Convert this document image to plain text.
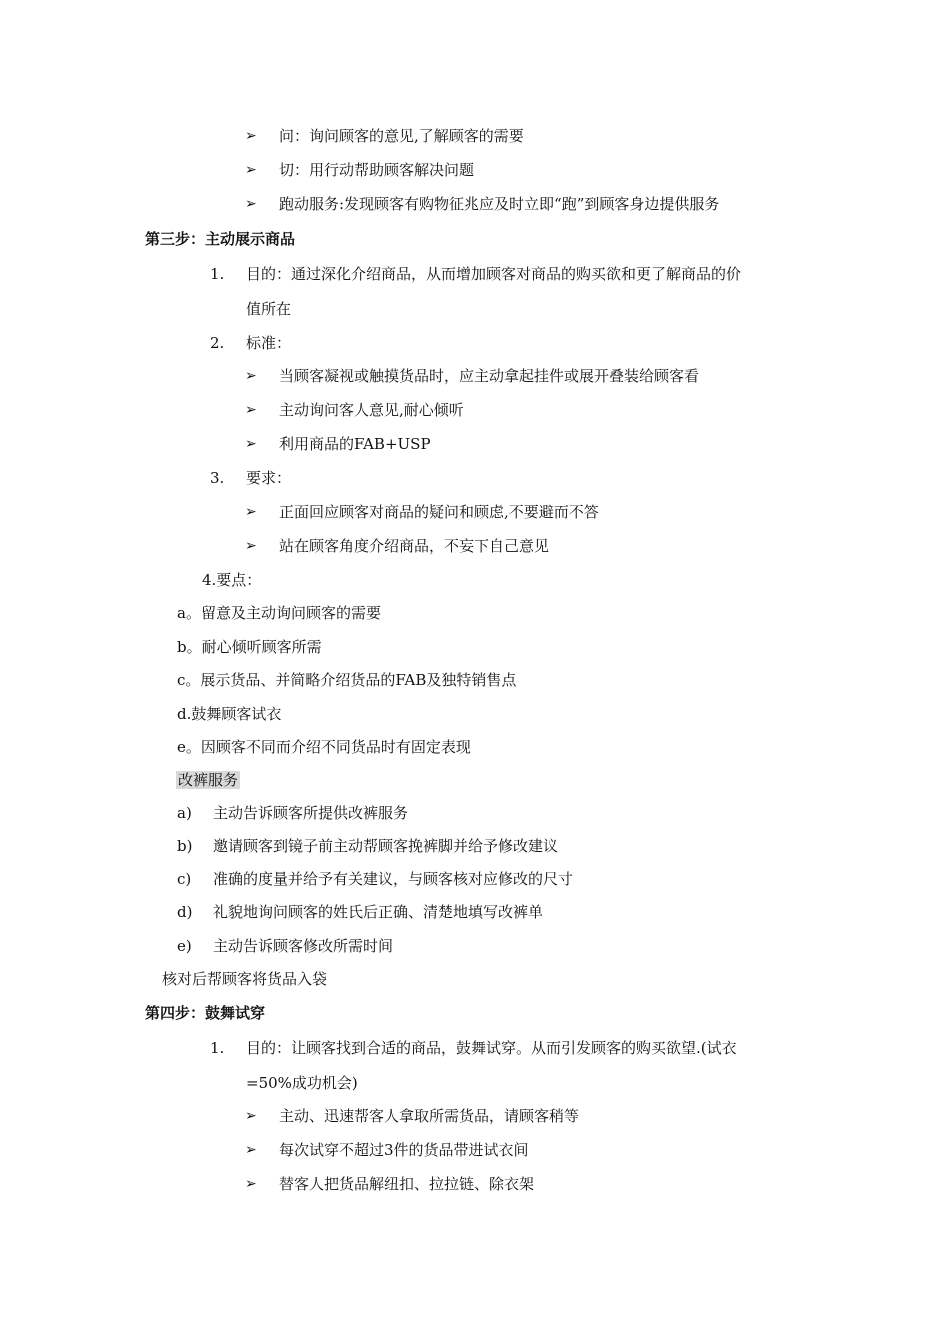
➢ 问：询问顾客的意见,了解顾客的需要
➢ 切：用行动帮助顾客解决问题
➢ 跑动服务:发现顾客有购物征兆应及时立即“跑”到顾客身边提供服务
第三步：主动展示商品
1. 目的：通过深化介绍商品，从而增加顾客对商品的购买欲和更了解商品的价
值所在
2. 标准：
➢ 当顾客凝视或触摸货品时，应主动拿起挂件或展开叠装给顾客看
➢ 主动询问客人意见,耐心倾听
➢ 利用商品的FAB+USP
3. 要求：
➢ 正面回应顾客对商品的疑问和顾虑,不要避而不答
➢ 站在顾客角度介绍商品，不妄下自己意见
4.要点：
a。留意及主动询问顾客的需要
b。耐心倾听顾客所需
c。展示货品、并简略介绍货品的FAB及独特销售点
d.鼓舞顾客试衣
e。因顾客不同而介绍不同货品时有固定表现
改裤服务
a) 主动告诉顾客所提供改裤服务
b) 邀请顾客到镜子前主动帮顾客挽裤脚并给予修改建议
c) 准确的度量并给予有关建议，与顾客核对应修改的尺寸
d) 礼貌地询问顾客的姓氏后正确、清楚地填写改裤单
e) 主动告诉顾客修改所需时间
核对后帮顾客将货品入袋
第四步：鼓舞试穿
1. 目的：让顾客找到合适的商品，鼓舞试穿。从而引发顾客的购买欲望.(试衣
=50%成功机会)
➢ 主动、迅速帮客人拿取所需货品，请顾客稍等
➢ 每次试穿不超过3件的货品带进试衣间
➢ 替客人把货品解纽扣、拉拉链、除衣架
